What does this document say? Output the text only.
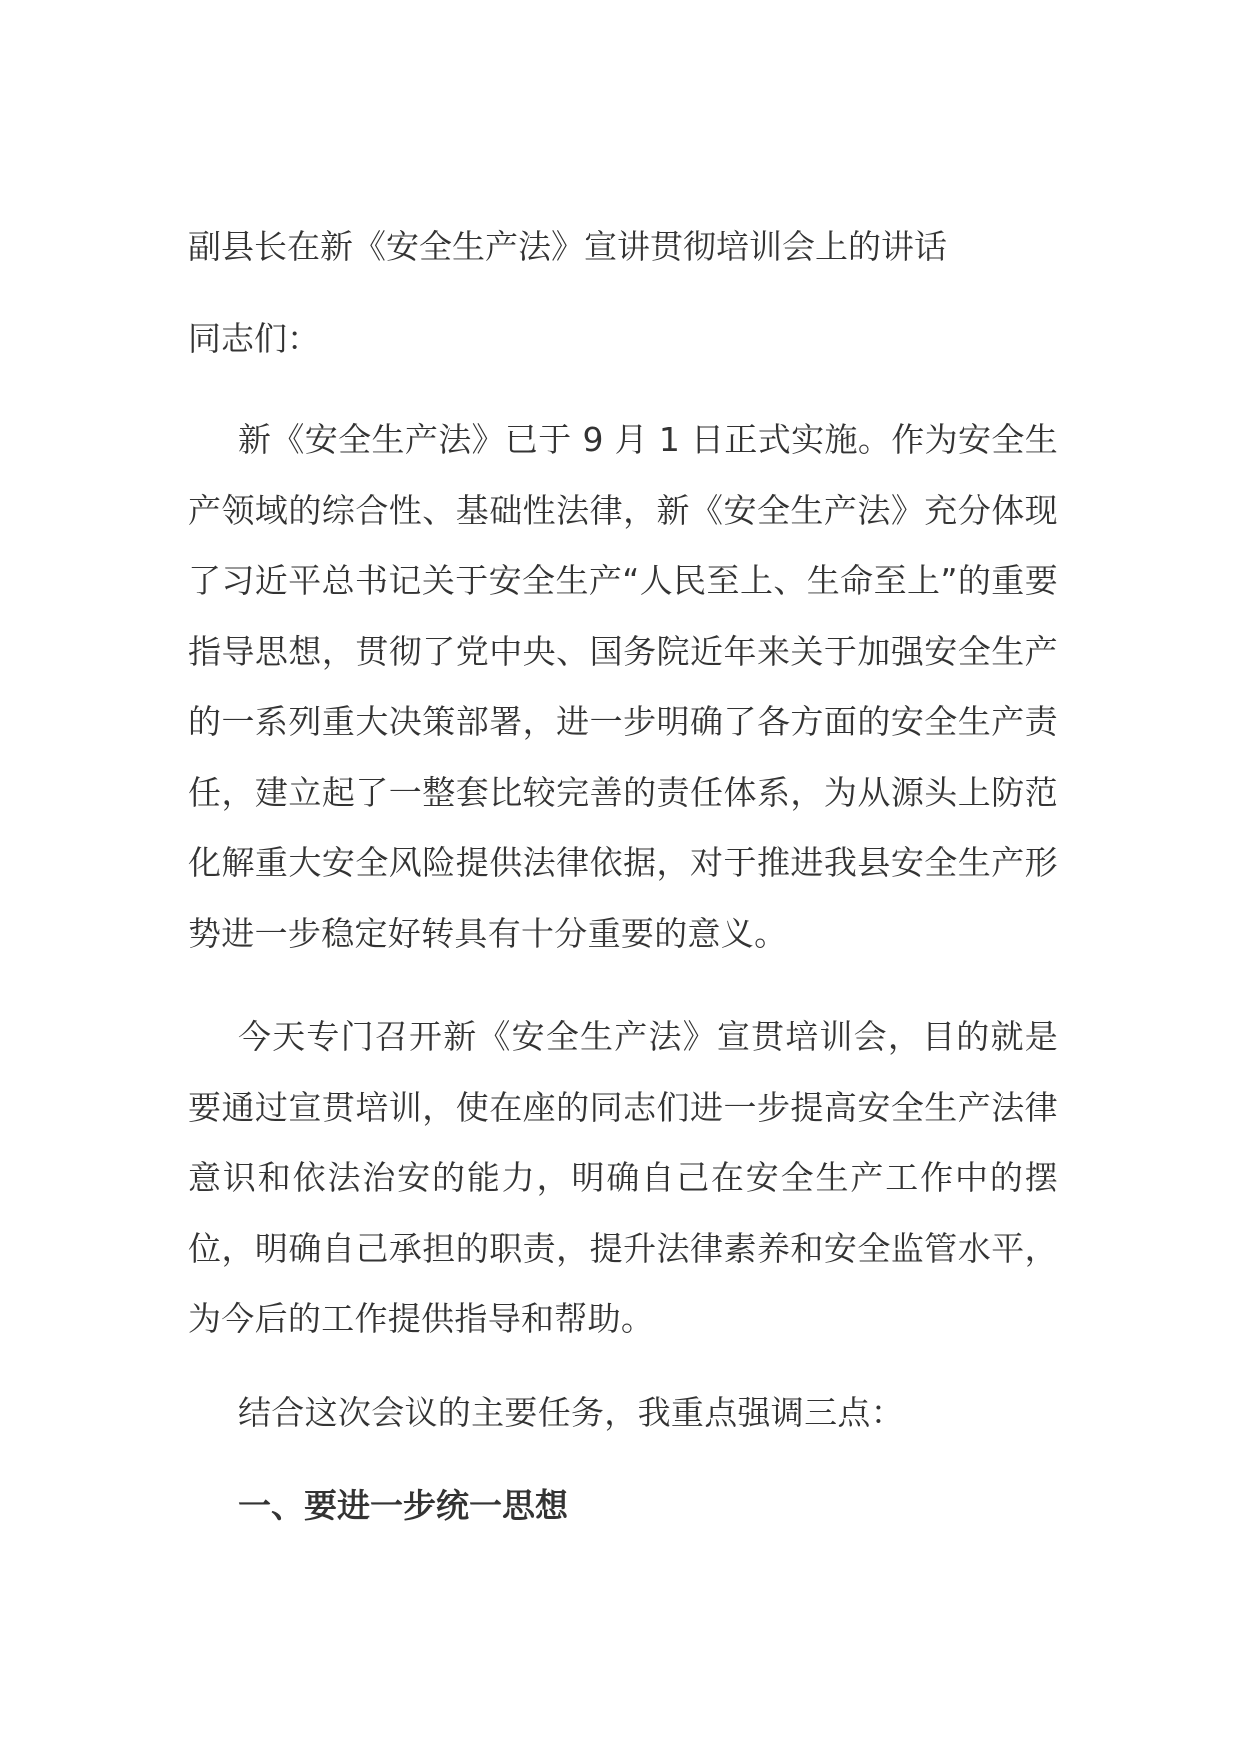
副县长在新《安全生产法》宣讲贯彻培训会上的讲话
同志们：

新《安全生产法》已于 9 月 1 日正式实施。作为安全生产领域的综合性、基础性法律，新《安全生产法》充分体现了习近平总书记关于安全生产“人民至上、生命至上”的重要指导思想，贯彻了党中央、国务院近年来关于加强安全生产的一系列重大决策部署，进一步明确了各方面的安全生产责任，建立起了一整套比较完善的责任体系，为从源头上防范化解重大安全风险提供法律依据，对于推进我县安全生产形势进一步稳定好转具有十分重要的意义。

今天专门召开新《安全生产法》宣贯培训会，目的就是要通过宣贯培训，使在座的同志们进一步提高安全生产法律意识和依法治安的能力，明确自己在安全生产工作中的摆位，明确自己承担的职责，提升法律素养和安全监管水平，为今后的工作提供指导和帮助。

结合这次会议的主要任务，我重点强调三点：

一、要进一步统一思想
